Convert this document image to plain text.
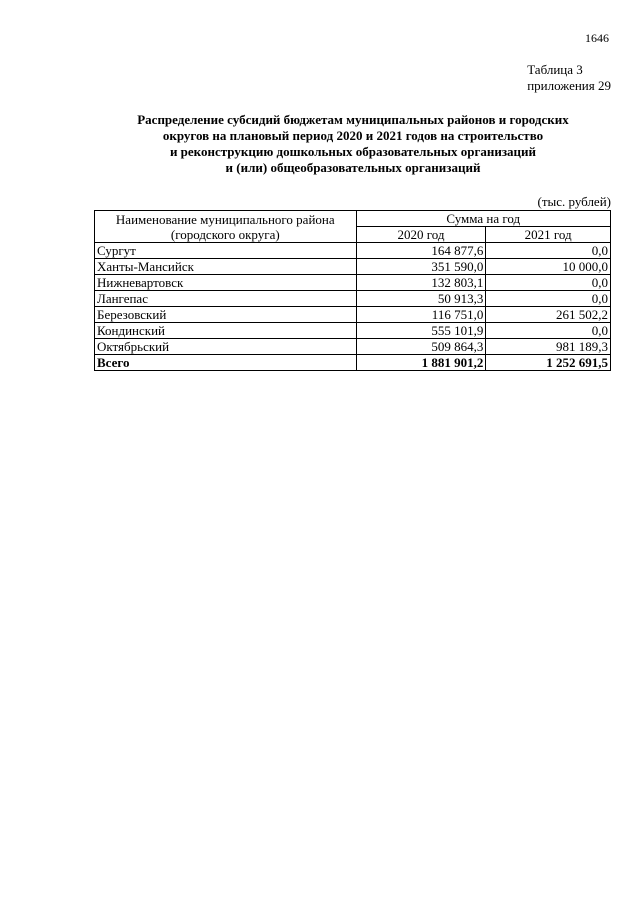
1646
Таблица 3
приложения 29
Распределение субсидий бюджетам муниципальных районов и городских
округов на плановый период 2020 и 2021 годов на строительство
и реконструкцию дошкольных образовательных организаций
и (или) общеобразовательных организаций
(тыс. рублей)
Наименование муниципального района
(городского округа)	Сумма на год	
	2020 год	2021 год
Сургут	164 877,6	0,0
Ханты-Мансийск	351 590,0	10 000,0
Нижневартовск	132 803,1	0,0
Лангепас	50 913,3	0,0
Березовский	116 751,0	261 502,2
Кондинский	555 101,9	0,0
Октябрьский	509 864,3	981 189,3
Всего	1 881 901,2	1 252 691,5
